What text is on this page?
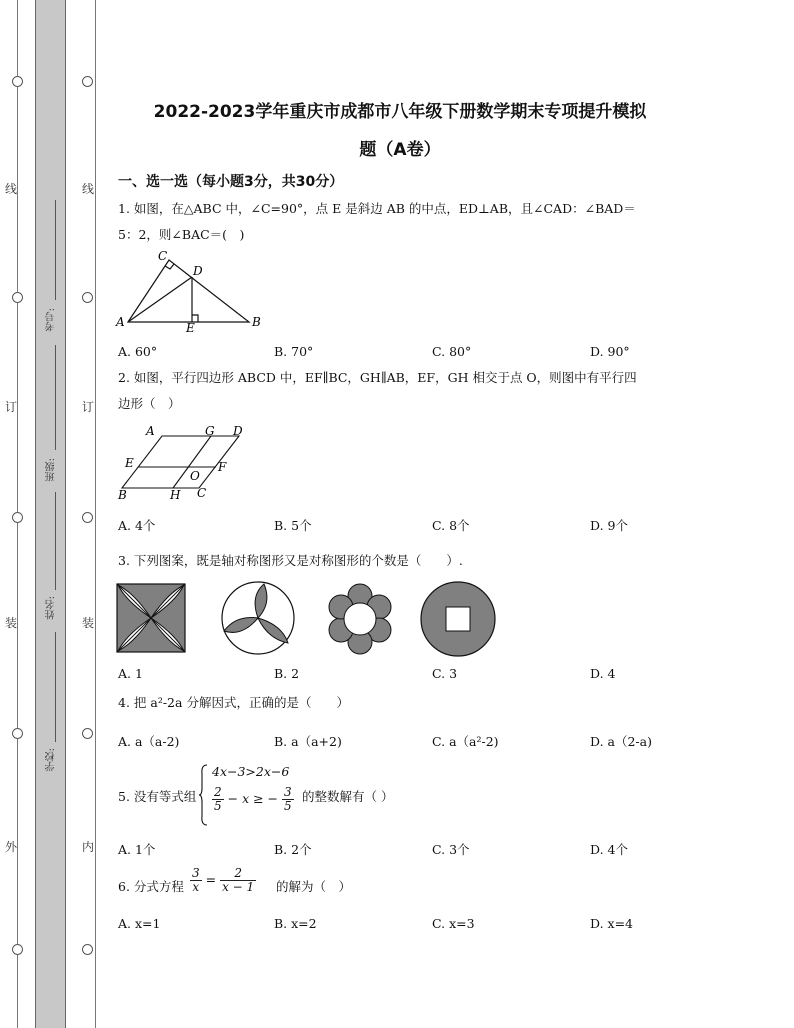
线
订
装
外
线
订
装
内
考号:
班级:
姓名:
学校:
2022-2023学年重庆市成都市八年级下册数学期末专项提升模拟
题（A卷）
一、选一选（每小题3分，共30分）
1. 如图，在△ABC 中，∠C=90°，点 E 是斜边 AB 的中点，ED⊥AB，且∠CAD：∠BAD＝
5：2，则∠BAC＝(　)
C
D
A	E	B
A. 60°	B. 70°	C. 80°	D. 90°
2. 如图，平行四边形 ABCD 中，EF∥BC，GH∥AB，EF，GH 相交于点 O，则图中有平行四
边形（　）
A	G D
E
O
F
B	H C
A. 4个	B. 5个	C. 8个	D. 9个
3. 下列图案，既是轴对称图形又是对称图形的个数是（　　）.
A. 1	B. 2	C. 3	D. 4
4. 把 a²-2a 分解因式，正确的是（　　）
A. a（a-2)	B. a（a+2)	C. a（a²-2)	D. a（2-a)
5. 没有等式组
4x−3>2x−6
$\frac{2}{5} - x$ ≥ − $\frac{3}{5}$ 的整数解有（ ）
A. 1个	B. 2个	C. 3个	D. 4个
6. 分式方程 $\frac{3}{x} = \frac{2}{x - 1}$ 的解为（　）
A. x=1	B. x=2	C. x=3	D. x=4
